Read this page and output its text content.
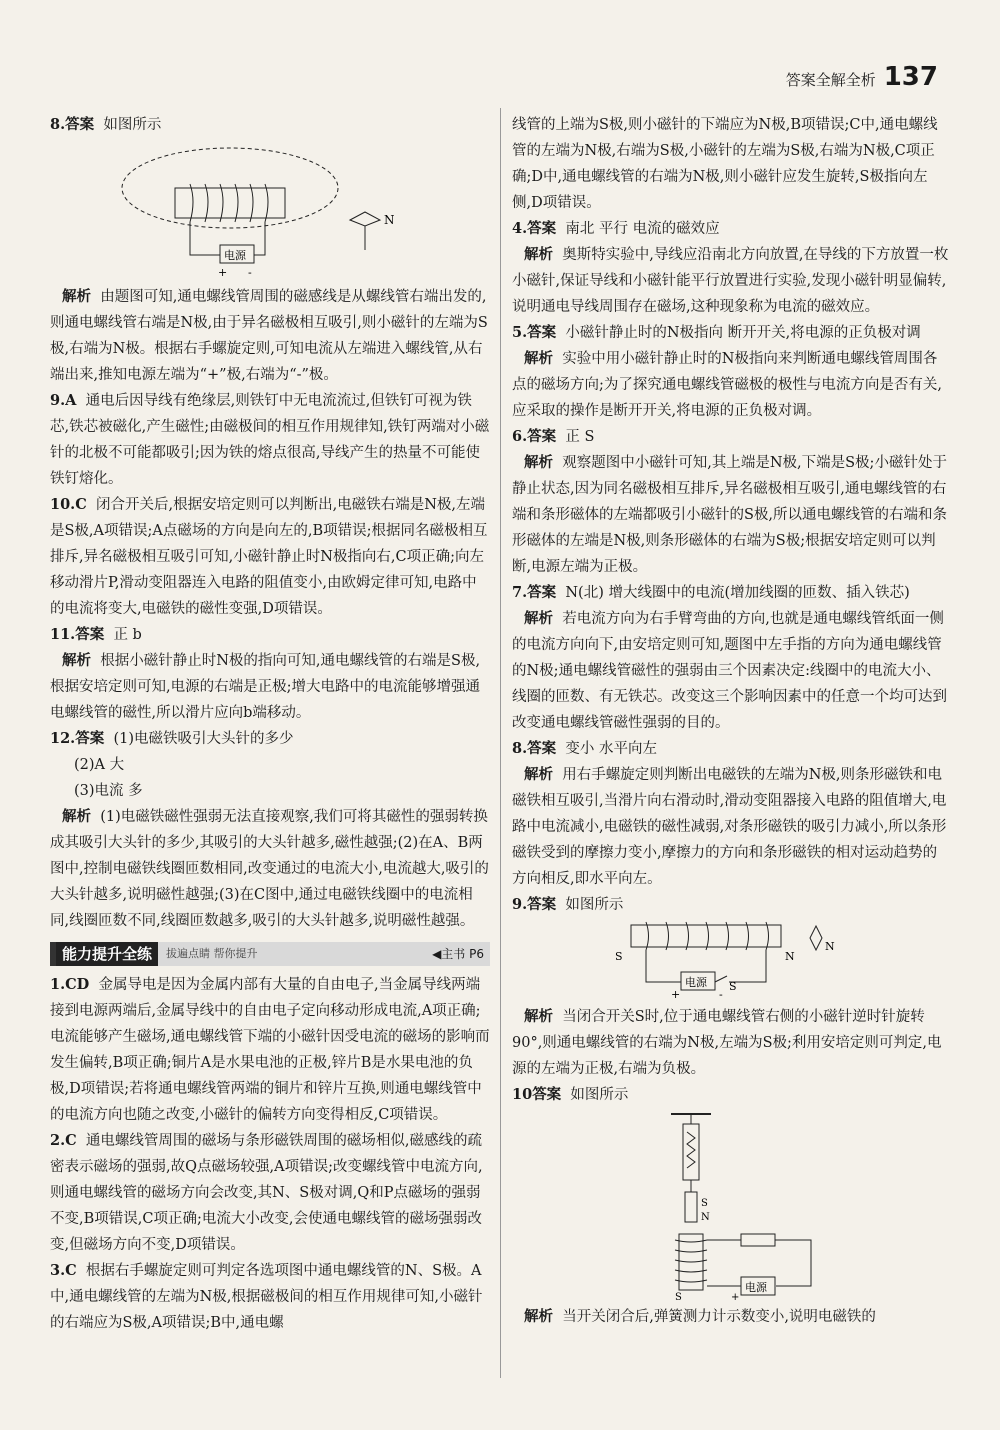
答案全解全析 137

8.答案 如图所示

电源
+ -
N

解析 由题图可知,通电螺线管周围的磁感线是从螺线管右端出发的,则通电螺线管右端是N极,由于异名磁极相互吸引,则小磁针的左端为S极,右端为N极。根据右手螺旋定则,可知电流从左端进入螺线管,从右端出来,推知电源左端为“+”极,右端为“-”极。

9.A 通电后因导线有绝缘层,则铁钉中无电流流过,但铁钉可视为铁芯,铁芯被磁化,产生磁性;由磁极间的相互作用规律知,铁钉两端对小磁针的北极不可能都吸引;因为铁的熔点很高,导线产生的热量不可能使铁钉熔化。

10.C 闭合开关后,根据安培定则可以判断出,电磁铁右端是N极,左端是S极,A项错误;A点磁场的方向是向左的,B项错误;根据同名磁极相互排斥,异名磁极相互吸引可知,小磁针静止时N极指向右,C项正确;向左移动滑片P,滑动变阻器连入电路的阻值变小,由欧姆定律可知,电路中的电流将变大,电磁铁的磁性变强,D项错误。

11.答案 正 b

解析 根据小磁针静止时N极的指向可知,通电螺线管的右端是S极,根据安培定则可知,电源的右端是正极;增大电路中的电流能够增强通电螺线管的磁性,所以滑片应向b端移动。

12.答案 (1)电磁铁吸引大头针的多少

(2)A 大

(3)电流 多

解析 (1)电磁铁磁性强弱无法直接观察,我们可将其磁性的强弱转换成其吸引大头针的多少,其吸引的大头针越多,磁性越强;(2)在A、B两图中,控制电磁铁线圈匝数相同,改变通过的电流大小,电流越大,吸引的大头针越多,说明磁性越强;(3)在C图中,通过电磁铁线圈中的电流相同,线圈匝数不同,线圈匝数越多,吸引的大头针越多,说明磁性越强。

能力提升全练	拔遍点睛 帮你提升	◀主书 P6

1.CD 金属导电是因为金属内部有大量的自由电子,当金属导线两端接到电源两端后,金属导线中的自由电子定向移动形成电流,A项正确;电流能够产生磁场,通电螺线管下端的小磁针因受电流的磁场的影响而发生偏转,B项正确;铜片A是水果电池的正极,锌片B是水果电池的负极,D项错误;若将通电螺线管两端的铜片和锌片互换,则通电螺线管中的电流方向也随之改变,小磁针的偏转方向变得相反,C项错误。

2.C 通电螺线管周围的磁场与条形磁铁周围的磁场相似,磁感线的疏密表示磁场的强弱,故Q点磁场较强,A项错误;改变螺线管中电流方向,则通电螺线管的磁场方向会改变,其N、S极对调,Q和P点磁场的强弱不变,B项错误,C项正确;电流大小改变,会使通电螺线管的磁场强弱改变,但磁场方向不变,D项错误。

3.C 根据右手螺旋定则可判定各选项图中通电螺线管的N、S极。A中,通电螺线管的左端为N极,根据磁极间的相互作用规律可知,小磁针的右端应为S极,A项错误;B中,通电螺

线管的上端为S极,则小磁针的下端应为N极,B项错误;C中,通电螺线管的左端为N极,右端为S极,小磁针的左端为S极,右端为N极,C项正确;D中,通电螺线管的右端为N极,则小磁针应发生旋转,S极指向左侧,D项错误。

4.答案 南北 平行 电流的磁效应

解析 奥斯特实验中,导线应沿南北方向放置,在导线的下方放置一枚小磁针,保证导线和小磁针能平行放置进行实验,发现小磁针明显偏转,说明通电导线周围存在磁场,这种现象称为电流的磁效应。

5.答案 小磁针静止时的N极指向 断开开关,将电源的正负极对调

解析 实验中用小磁针静止时的N极指向来判断通电螺线管周围各点的磁场方向;为了探究通电螺线管磁极的极性与电流方向是否有关,应采取的操作是断开开关,将电源的正负极对调。

6.答案 正 S

解析 观察题图中小磁针可知,其上端是N极,下端是S极;小磁针处于静止状态,因为同名磁极相互排斥,异名磁极相互吸引,通电螺线管的右端和条形磁体的左端都吸引小磁针的S极,所以通电螺线管的右端和条形磁体的左端是N极,则条形磁体的右端为S极;根据安培定则可以判断,电源左端为正极。

7.答案 N(北) 增大线圈中的电流(增加线圈的匝数、插入铁芯)

解析 若电流方向为右手臂弯曲的方向,也就是通电螺线管纸面一侧的电流方向向下,由安培定则可知,题图中左手指的方向为通电螺线管的N极;通电螺线管磁性的强弱由三个因素决定:线圈中的电流大小、线圈的匝数、有无铁芯。改变这三个影响因素中的任意一个均可达到改变通电螺线管磁性强弱的目的。

8.答案 变小 水平向左

解析 用右手螺旋定则判断出电磁铁的左端为N极,则条形磁铁和电磁铁相互吸引,当滑片向右滑动时,滑动变阻器接入电路的阻值增大,电路中电流减小,电磁铁的磁性减弱,对条形磁铁的吸引力减小,所以条形磁铁受到的摩擦力变小,摩擦力的方向和条形磁铁的相对运动趋势的方向相反,即水平向左。

9.答案 如图所示

S	N
电源
+	-
S
N

解析 当闭合开关S时,位于通电螺线管右侧的小磁针逆时针旋转90°,则通电螺线管的右端为N极,左端为S极;利用安培定则可判定,电源的左端为正极,右端为负极。

10答案 如图所示

S
N
电源
S	+

解析 当开关闭合后,弹簧测力计示数变小,说明电磁铁的
